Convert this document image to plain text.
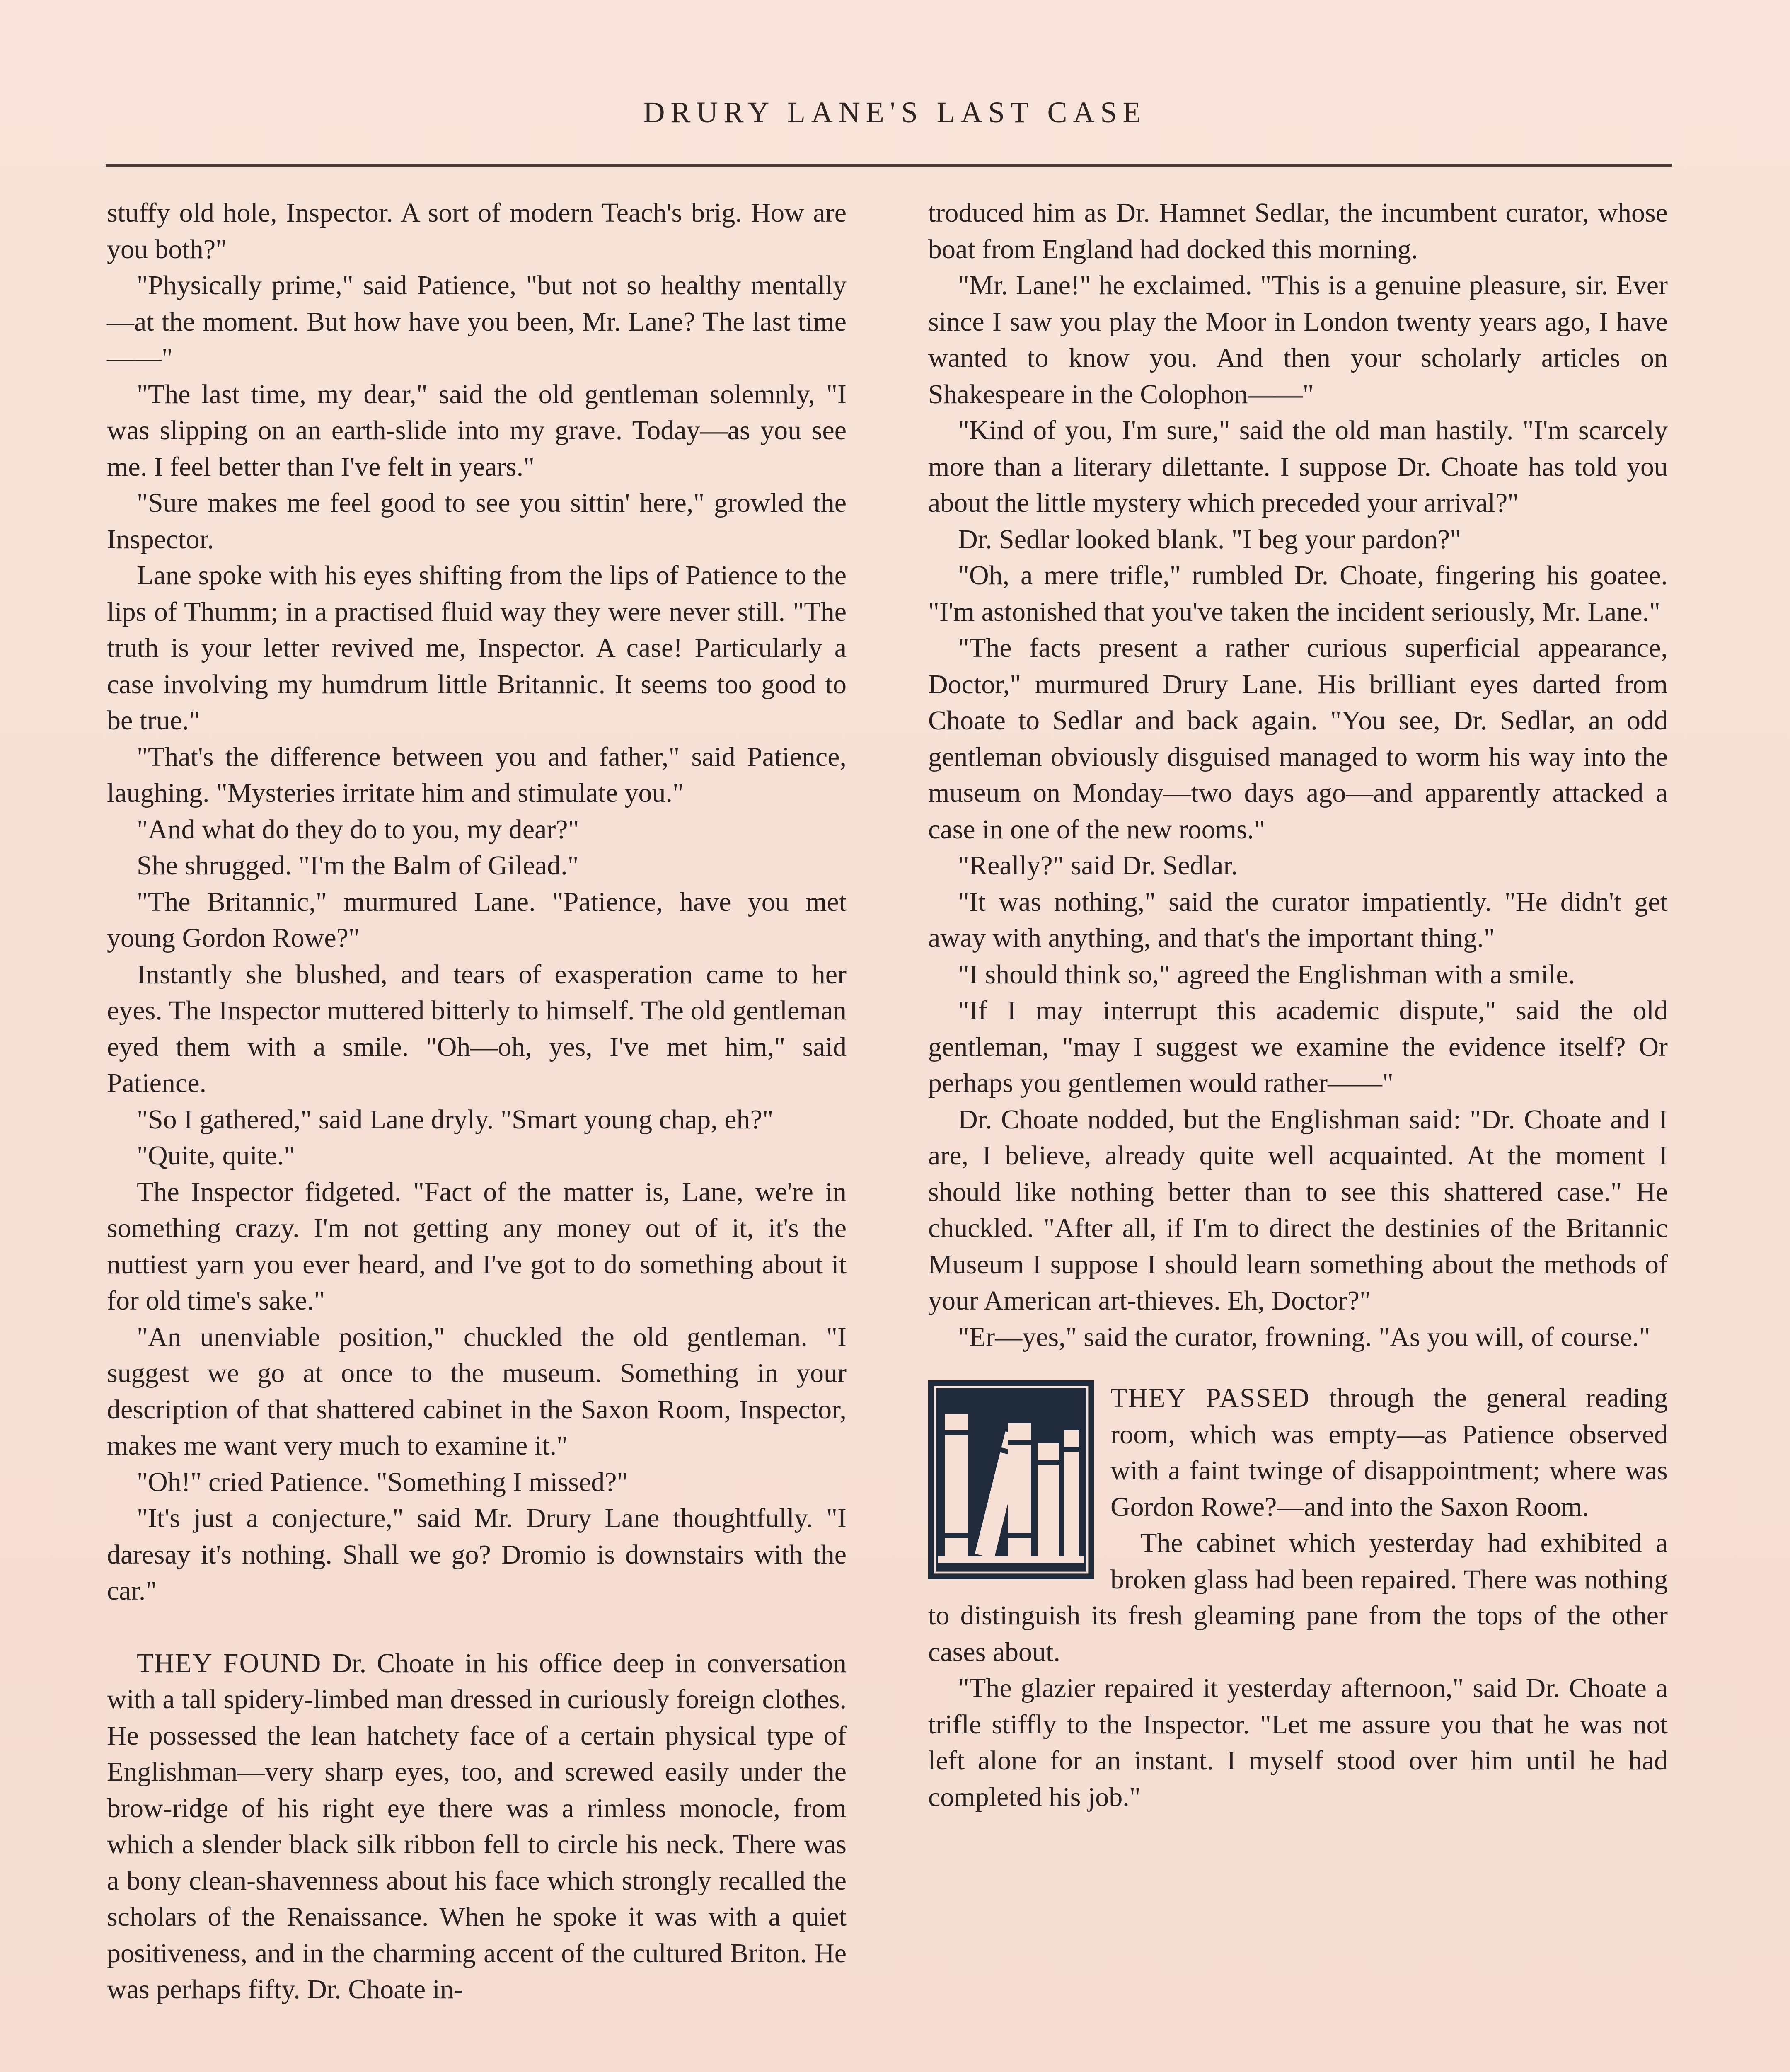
DRURY LANE'S LAST CASE

stuffy old hole, Inspector. A sort of modern Teach's brig. How are you both?"

"Physically prime," said Patience, "but not so healthy mentally—at the moment. But how have you been, Mr. Lane? The last time——"

"The last time, my dear," said the old gentleman solemnly, "I was slipping on an earth-slide into my grave. Today—as you see me. I feel better than I've felt in years."

"Sure makes me feel good to see you sittin' here," growled the Inspector.

Lane spoke with his eyes shifting from the lips of Patience to the lips of Thumm; in a practised fluid way they were never still. "The truth is your letter revived me, Inspector. A case! Particularly a case involving my humdrum little Britannic. It seems too good to be true."

"That's the difference between you and father," said Patience, laughing. "Mysteries irritate him and stimulate you."

"And what do they do to you, my dear?"

She shrugged. "I'm the Balm of Gilead."

"The Britannic," murmured Lane. "Patience, have you met young Gordon Rowe?"

Instantly she blushed, and tears of exasperation came to her eyes. The Inspector muttered bitterly to himself. The old gentleman eyed them with a smile. "Oh—oh, yes, I've met him," said Patience.

"So I gathered," said Lane dryly. "Smart young chap, eh?"

"Quite, quite."

The Inspector fidgeted. "Fact of the matter is, Lane, we're in something crazy. I'm not getting any money out of it, it's the nuttiest yarn you ever heard, and I've got to do something about it for old time's sake."

"An unenviable position," chuckled the old gentleman. "I suggest we go at once to the museum. Something in your description of that shattered cabinet in the Saxon Room, Inspector, makes me want very much to examine it."

"Oh!" cried Patience. "Something I missed?"

"It's just a conjecture," said Mr. Drury Lane thoughtfully. "I daresay it's nothing. Shall we go? Dromio is downstairs with the car."

THEY FOUND Dr. Choate in his office deep in conversation with a tall spidery-limbed man dressed in curiously foreign clothes. He possessed the lean hatchety face of a certain physical type of Englishman—very sharp eyes, too, and screwed easily under the brow-ridge of his right eye there was a rimless monocle, from which a slender black silk ribbon fell to circle his neck. There was a bony clean-shavenness about his face which strongly recalled the scholars of the Renaissance. When he spoke it was with a quiet positiveness, and in the charming accent of the cultured Briton. He was perhaps fifty. Dr. Choate in-

troduced him as Dr. Hamnet Sedlar, the incumbent curator, whose boat from England had docked this morning.

"Mr. Lane!" he exclaimed. "This is a genuine pleasure, sir. Ever since I saw you play the Moor in London twenty years ago, I have wanted to know you. And then your scholarly articles on Shakespeare in the Colophon——"

"Kind of you, I'm sure," said the old man hastily. "I'm scarcely more than a literary dilettante. I suppose Dr. Choate has told you about the little mystery which preceded your arrival?"

Dr. Sedlar looked blank. "I beg your pardon?"

"Oh, a mere trifle," rumbled Dr. Choate, fingering his goatee. "I'm astonished that you've taken the incident seriously, Mr. Lane."

"The facts present a rather curious superficial appearance, Doctor," murmured Drury Lane. His brilliant eyes darted from Choate to Sedlar and back again. "You see, Dr. Sedlar, an odd gentleman obviously disguised managed to worm his way into the museum on Monday—two days ago—and apparently attacked a case in one of the new rooms."

"Really?" said Dr. Sedlar.

"It was nothing," said the curator impatiently. "He didn't get away with anything, and that's the important thing."

"I should think so," agreed the Englishman with a smile.

"If I may interrupt this academic dispute," said the old gentleman, "may I suggest we examine the evidence itself? Or perhaps you gentlemen would rather——"

Dr. Choate nodded, but the Englishman said: "Dr. Choate and I are, I believe, already quite well acquainted. At the moment I should like nothing better than to see this shattered case." He chuckled. "After all, if I'm to direct the destinies of the Britannic Museum I suppose I should learn something about the methods of your American art-thieves. Eh, Doctor?"

"Er—yes," said the curator, frowning. "As you will, of course."

THEY PASSED through the general reading room, which was empty—as Patience observed with a faint twinge of disappointment; where was Gordon Rowe?—and into the Saxon Room.

The cabinet which yesterday had exhibited a broken glass had been repaired. There was nothing to distinguish its fresh gleaming pane from the tops of the other cases about.

"The glazier repaired it yesterday afternoon," said Dr. Choate a trifle stiffly to the Inspector. "Let me assure you that he was not left alone for an instant. I myself stood over him until he had completed his job."
